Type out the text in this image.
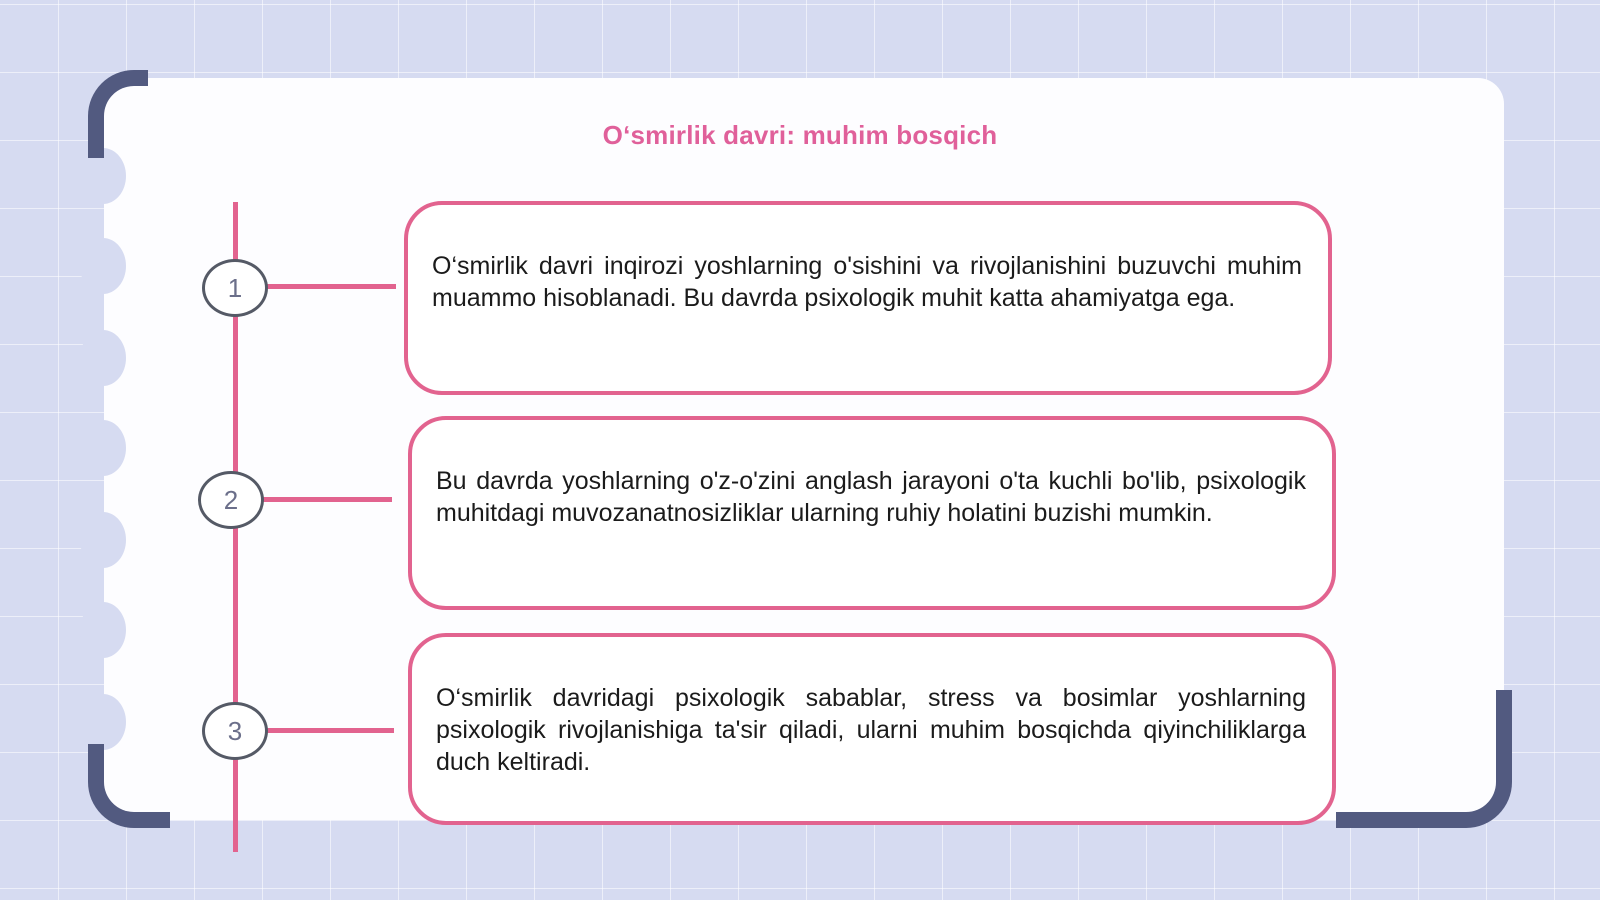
Oʻsmirlik davri: muhim bosqich
1
2
3

O‘smirlik davri inqirozi yoshlarning o'sishini va rivojlanishini buzuvchi muhim muammo hisoblanadi. Bu davrda psixologik muhit katta ahamiyatga ega.

Bu davrda yoshlarning o'z-o'zini anglash jarayoni o'ta kuchli bo'lib, psixologik muhitdagi muvozanatnosizliklar ularning ruhiy holatini buzishi mumkin.

O‘smirlik davridagi psixologik sabablar, stress va bosimlar yoshlarning psixologik rivojlanishiga ta'sir qiladi, ularni muhim bosqichda qiyinchiliklarga duch keltiradi.
